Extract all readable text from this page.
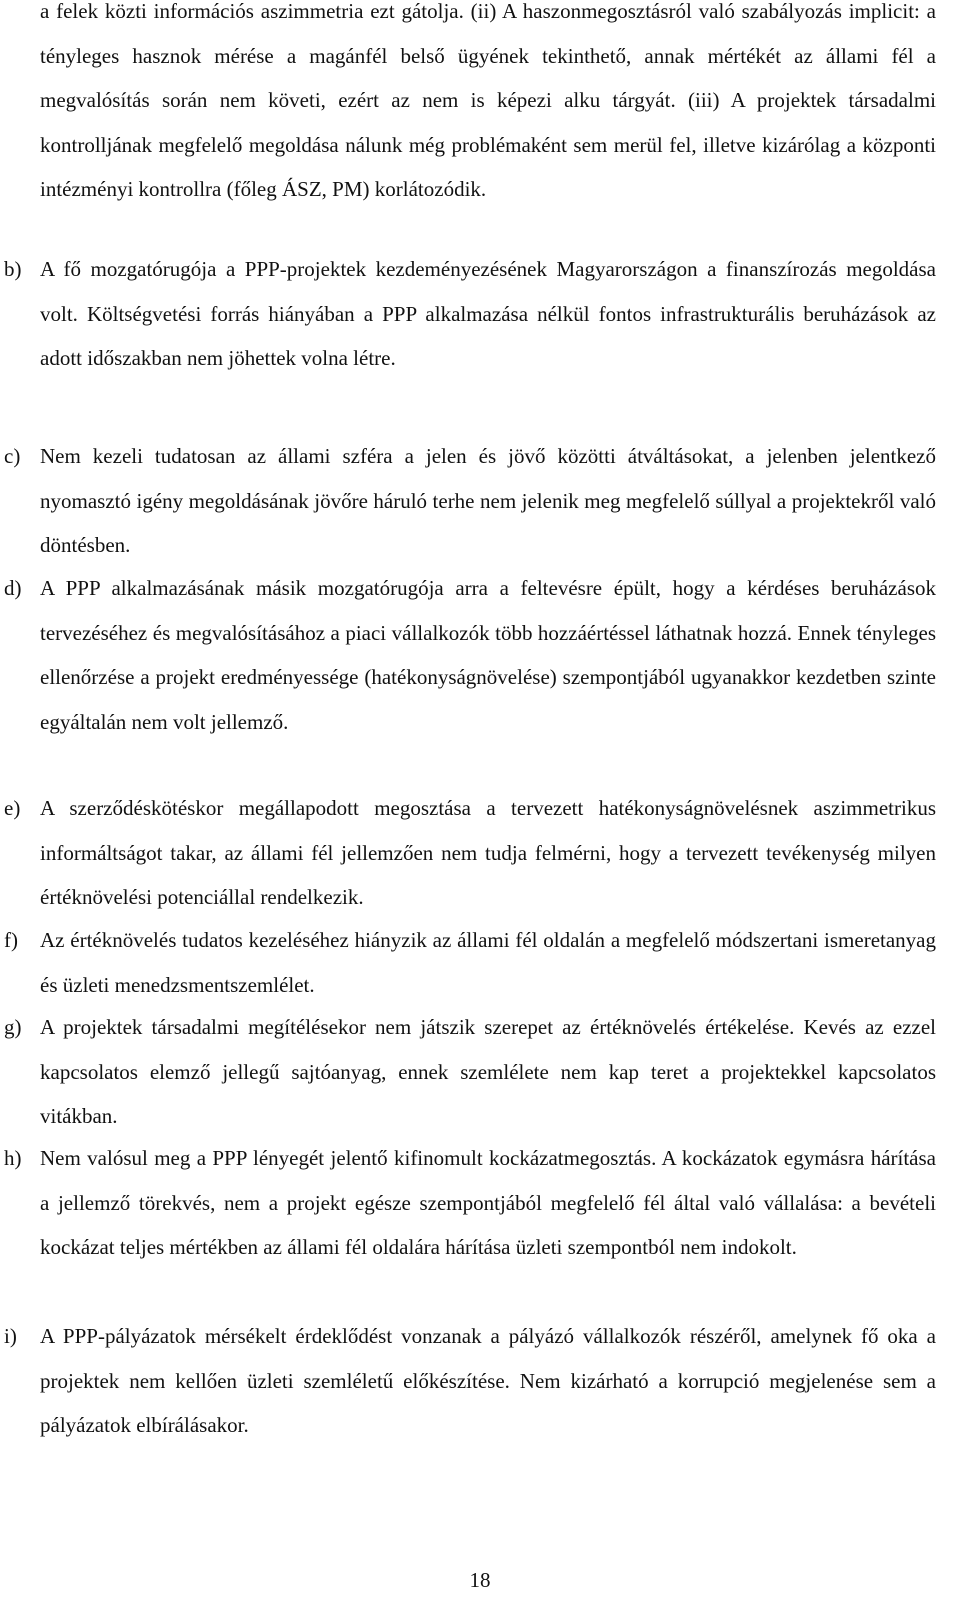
a felek közti információs aszimmetria ezt gátolja. (ii) A haszonmegosztásról való szabályozás implicit: a tényleges hasznok mérése a magánfél belső ügyének tekinthető, annak mértékét az állami fél a megvalósítás során nem követi, ezért az nem is képezi alku tárgyát. (iii) A projektek társadalmi kontrolljának megfelelő megoldása nálunk még problémaként sem merül fel, illetve kizárólag a központi intézményi kontrollra (főleg ÁSZ, PM) korlátozódik.

b) A fő mozgatórugója a PPP-projektek kezdeményezésének Magyarországon a finanszírozás megoldása volt. Költségvetési forrás hiányában a PPP alkalmazása nélkül fontos infrastrukturális beruházások az adott időszakban nem jöhettek volna létre.
c) Nem kezeli tudatosan az állami szféra a jelen és jövő közötti átváltásokat, a jelenben jelentkező nyomasztó igény megoldásának jövőre háruló terhe nem jelenik meg megfelelő súllyal a projektekről való döntésben.
d) A PPP alkalmazásának másik mozgatórugója arra a feltevésre épült, hogy a kérdéses beruházások tervezéséhez és megvalósításához a piaci vállalkozók több hozzáértéssel láthatnak hozzá. Ennek tényleges ellenőrzése a projekt eredményessége (hatékonyságnövelése) szempontjából ugyanakkor kezdetben szinte egyáltalán nem volt jellemző.
e) A szerződéskötéskor megállapodott megosztása a tervezett hatékonyságnövelésnek aszimmetrikus informáltságot takar, az állami fél jellemzően nem tudja felmérni, hogy a tervezett tevékenység milyen értéknövelési potenciállal rendelkezik.
f) Az értéknövelés tudatos kezeléséhez hiányzik az állami fél oldalán a megfelelő módszertani ismeretanyag és üzleti menedzsmentszemlélet.
g) A projektek társadalmi megítélésekor nem játszik szerepet az értéknövelés értékelése. Kevés az ezzel kapcsolatos elemző jellegű sajtóanyag, ennek szemlélete nem kap teret a projektekkel kapcsolatos vitákban.
h) Nem valósul meg a PPP lényegét jelentő kifinomult kockázatmegosztás. A kockázatok egymásra hárítása a jellemző törekvés, nem a projekt egésze szempontjából megfelelő fél által való vállalása: a bevételi kockázat teljes mértékben az állami fél oldalára hárítása üzleti szempontból nem indokolt.
i) A PPP-pályázatok mérsékelt érdeklődést vonzanak a pályázó vállalkozók részéről, amelynek fő oka a projektek nem kellően üzleti szemléletű előkészítése. Nem kizárható a korrupció megjelenése sem a pályázatok elbírálásakor.
18
